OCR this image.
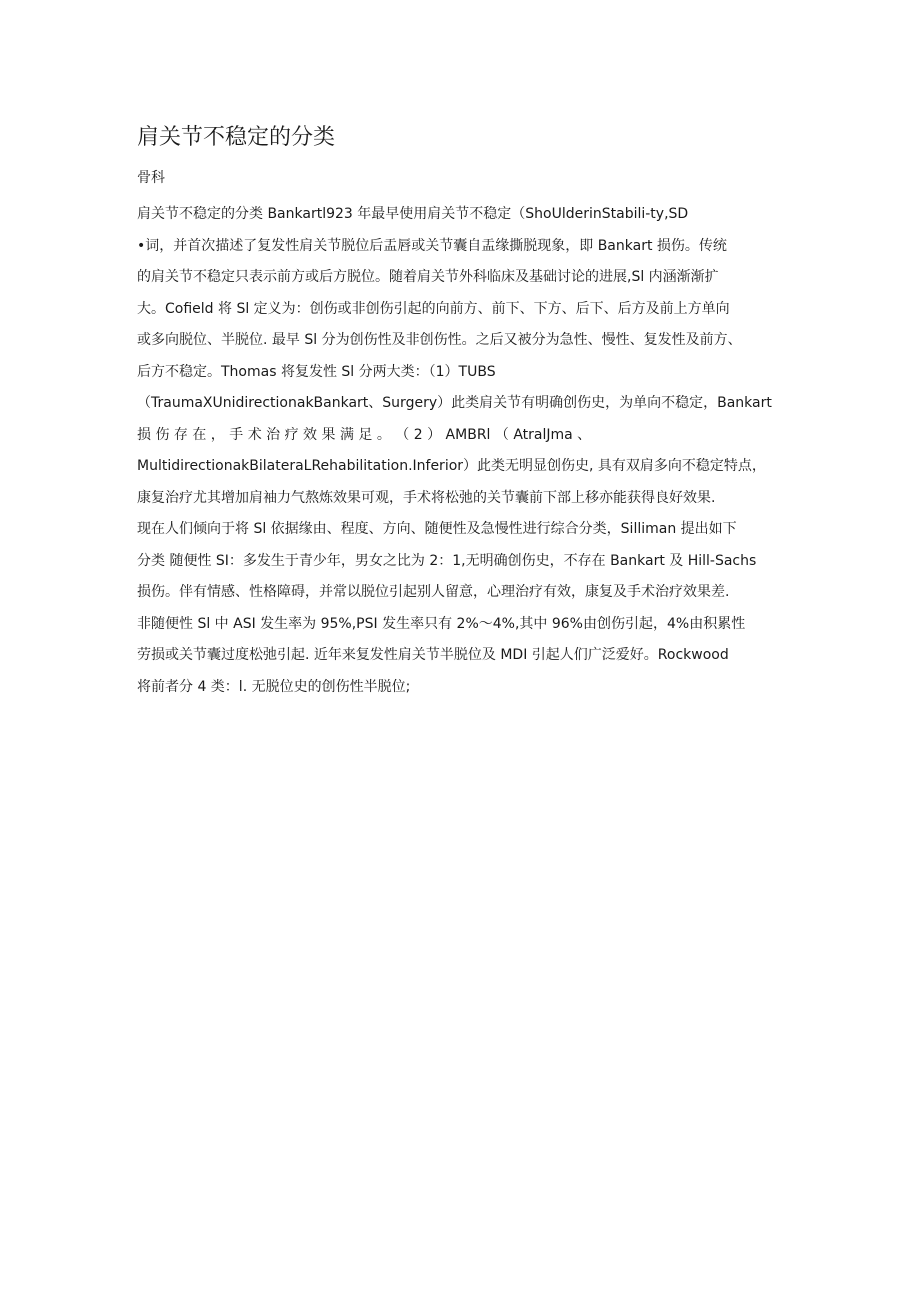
肩关节不稳定的分类
骨科
肩关节不稳定的分类 Bankartl923 年最早使用肩关节不稳定（ShoUlderinStabili-ty,SD
•词，并首次描述了复发性肩关节脱位后盂唇或关节囊自盂缘撕脱现象，即 Bankart 损伤。传统
的肩关节不稳定只表示前方或后方脱位。随着肩关节外科临床及基础讨论的进展,Sl 内涵渐渐扩
大。Cofield 将 Sl 定义为：创伤或非创伤引起的向前方、前下、下方、后下、后方及前上方单向
或多向脱位、半脱位. 最早 Sl 分为创伤性及非创伤性。之后又被分为急性、慢性、复发性及前方、
后方不稳定。Thomas 将复发性 Sl 分两大类：（1）TUBS
（TraumaXUnidirectionakBankart、Surgery）此类肩关节有明确创伤史，为单向不稳定，Bankart
损 伤 存 在 ， 手 术 治 疗 效 果 满 足 。 （ 2 ） AMBRl （ AtralJma 、
MultidirectionakBilateraLRehabilitation.Inferior）此类无明显创伤史, 具有双肩多向不稳定特点，
康复治疗尤其增加肩袖力气熬炼效果可观，手术将松弛的关节囊前下部上移亦能获得良好效果.
现在人们倾向于将 Sl 依据缘由、程度、方向、随便性及急慢性进行综合分类，Silliman 提出如下
分类 随便性 SI：多发生于青少年，男女之比为 2：1,无明确创伤史，不存在 Bankart 及 Hill-Sachs
损伤。伴有情感、性格障碍，并常以脱位引起别人留意，心理治疗有效，康复及手术治疗效果差.
非随便性 Sl 中 ASI 发生率为 95%,PSI 发生率只有 2%～4%,其中 96%由创伤引起，4%由积累性
劳损或关节囊过度松弛引起. 近年来复发性肩关节半脱位及 MDI 引起人们广泛爱好。Rockwood
将前者分 4 类：l. 无脱位史的创伤性半脱位;
